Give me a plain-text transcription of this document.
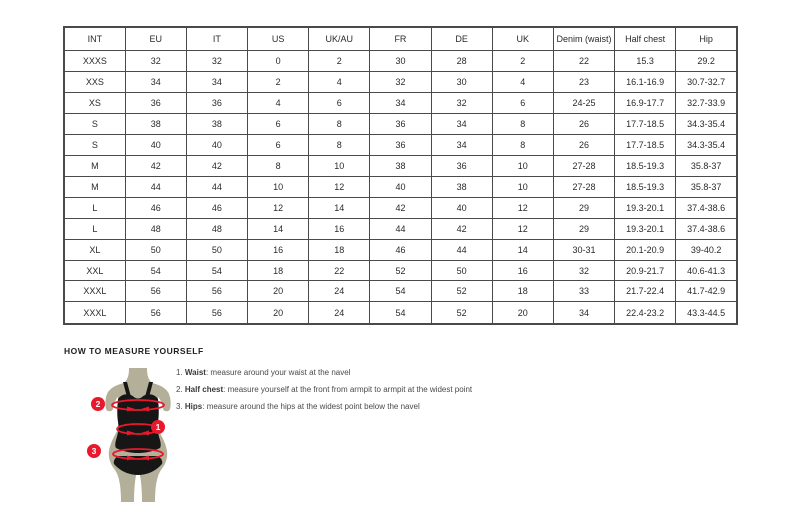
INT	EU	IT	US	UK/AU	FR	DE	UK	Denim (waist)	Half chest	Hip
XXXS	32	32	0	2	30	28	2	22	15.3	29.2
XXS	34	34	2	4	32	30	4	23	16.1-16.9	30.7-32.7
XS	36	36	4	6	34	32	6	24-25	16.9-17.7	32.7-33.9
S	38	38	6	8	36	34	8	26	17.7-18.5	34.3-35.4
S	40	40	6	8	36	34	8	26	17.7-18.5	34.3-35.4
M	42	42	8	10	38	36	10	27-28	18.5-19.3	35.8-37
M	44	44	10	12	40	38	10	27-28	18.5-19.3	35.8-37
L	46	46	12	14	42	40	12	29	19.3-20.1	37.4-38.6
L	48	48	14	16	44	42	12	29	19.3-20.1	37.4-38.6
XL	50	50	16	18	46	44	14	30-31	20.1-20.9	39-40.2
XXL	54	54	18	22	52	50	16	32	20.9-21.7	40.6-41.3
XXXL	56	56	20	24	54	52	18	33	21.7-22.4	41.7-42.9
XXXL	56	56	20	24	54	52	20	34	22.4-23.2	43.3-44.5
HOW TO MEASURE YOURSELF
2
1
3

1. Waist: measure around your waist at the navel

2. Half chest: measure yourself at the front from armpit to armpit at the widest point

3. Hips: measure around the hips at the widest point below the navel
